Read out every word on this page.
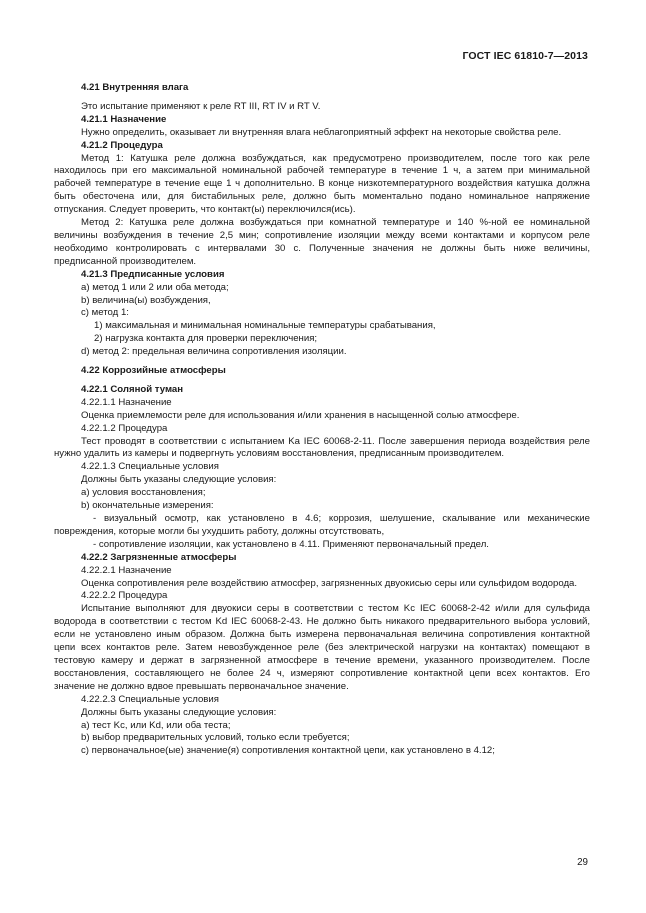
ГОСТ IEC 61810-7—2013

4.21 Внутренняя влага

Это испытание применяют к реле RT III, RT IV и RT V.

4.21.1 Назначение

Нужно определить, оказывает ли внутренняя влага неблагоприятный эффект на некоторые свойства реле.

4.21.2 Процедура

Метод 1: Катушка реле должна возбуждаться, как предусмотрено производителем, после того как реле находилось при его максимальной номинальной рабочей температуре в течение 1 ч, а затем при минимальной рабочей температуре в течение еще 1 ч дополнительно. В конце низкотемпературного воздействия катушка должна быть обесточена или, для бистабильных реле, должно быть моментально подано номинальное напряжение отпускания. Следует проверить, что контакт(ы) переключился(ись).

Метод 2: Катушка реле должна возбуждаться при комнатной температуре и 140 %-ной ее номинальной величины возбуждения в течение 2,5 мин; сопротивление изоляции между всеми контактами и корпусом реле необходимо контролировать с интервалами 30 с. Полученные значения не должны быть ниже величины, предписанной производителем.

4.21.3 Предписанные условия

а) метод 1 или 2 или оба метода;

b) величина(ы) возбуждения,

c) метод 1:

1) максимальная и минимальная номинальные температуры срабатывания,

2) нагрузка контакта для проверки переключения;

d) метод 2: предельная величина сопротивления изоляции.

4.22 Коррозийные атмосферы

4.22.1 Соляной туман

4.22.1.1 Назначение

Оценка приемлемости реле для использования и/или хранения в насыщенной солью атмосфере.

4.22.1.2 Процедура

Тест проводят в соответствии с испытанием Ka IEC 60068-2-11. После завершения периода воздействия реле нужно удалить из камеры и подвергнуть условиям восстановления, предписанным производителем.

4.22.1.3 Специальные условия

Должны быть указаны следующие условия:

а) условия восстановления;

b) окончательные измерения:

- визуальный осмотр, как установлено в 4.6; коррозия, шелушение, скалывание или механические повреждения, которые могли бы ухудшить работу, должны отсутствовать,

- сопротивление изоляции, как установлено в 4.11. Применяют первоначальный предел.

4.22.2 Загрязненные атмосферы

4.22.2.1 Назначение

Оценка сопротивления реле воздействию атмосфер, загрязненных двуокисью серы или сульфидом водорода.

4.22.2.2 Процедура

Испытание выполняют для двуокиси серы в соответствии с тестом Kc IEC 60068-2-42 и/или для сульфида водорода в соответствии с тестом Kd IEC 60068-2-43. Не должно быть никакого предварительного выбора условий, если не установлено иным образом. Должна быть измерена первоначальная величина сопротивления контактной цепи всех контактов реле. Затем невозбужденное реле (без электрической нагрузки на контактах) помещают в тестовую камеру и держат в загрязненной атмосфере в течение времени, указанного производителем. После восстановления, составляющего не более 24 ч, измеряют сопротивление контактной цепи всех контактов. Его значение не должно вдвое превышать первоначальное значение.

4.22.2.3 Специальные условия

Должны быть указаны следующие условия:

а) тест Kc, или Kd, или оба теста;

b) выбор предварительных условий, только если требуется;

c) первоначальное(ые) значение(я) сопротивления контактной цепи, как установлено в 4.12;

29
